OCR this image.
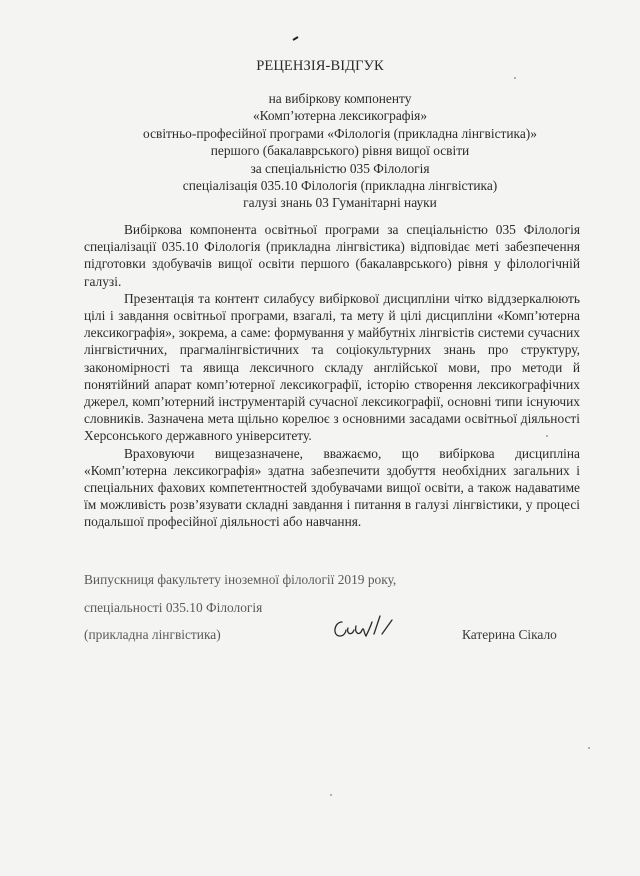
РЕЦЕНЗІЯ-ВІДГУК
на вибіркову компоненту
«Комп’ютерна лексикографія»
освітньо-професійної програми «Філологія (прикладна лінгвістика)»
першого (бакалаврського) рівня вищої освіти
за спеціальністю 035 Філологія
спеціалізація 035.10 Філологія (прикладна лінгвістика)
галузі знань 03 Гуманітарні науки

Вибіркова компонента освітньої програми за спеціальністю 035 Філологія спеціалізації 035.10 Філологія (прикладна лінгвістика) відповідає меті забезпечення підготовки здобувачів вищої освіти першого (бакалаврського) рівня у філологічній галузі.

Презентація та контент силабусу вибіркової дисципліни чітко віддзеркалюють цілі і завдання освітньої програми, взагалі, та мету й цілі дисципліни «Комп’ютерна лексикографія», зокрема, а саме: формування у майбутніх лінгвістів системи сучасних лінгвістичних, прагмалінгвістичних та соціокультурних знань про структуру, закономірності та явища лексичного складу англійської мови, про методи й понятійний апарат комп’ютерної лексикографії, історію створення лексикографічних джерел, комп’ютерний інструментарій сучасної лексикографії, основні типи існуючих словників. Зазначена мета щільно корелює з основними засадами освітньої діяльності Херсонського державного університету.

Враховуючи вищезазначене, вважаємо, що вибіркова дисципліна «Комп’ютерна лексикографія» здатна забезпечити здобуття необхідних загальних і спеціальних фахових компетентностей здобувачами вищої освіти, а також надаватиме їм можливість розв’язувати складні завдання і питання в галузі лінгвістики, у процесі подальшої професійної діяльності або навчання.

Випускниця факультету іноземної філології 2019 року,
спеціальності 035.10 Філологія
(прикладна лінгвістика)	Катерина Сікало
